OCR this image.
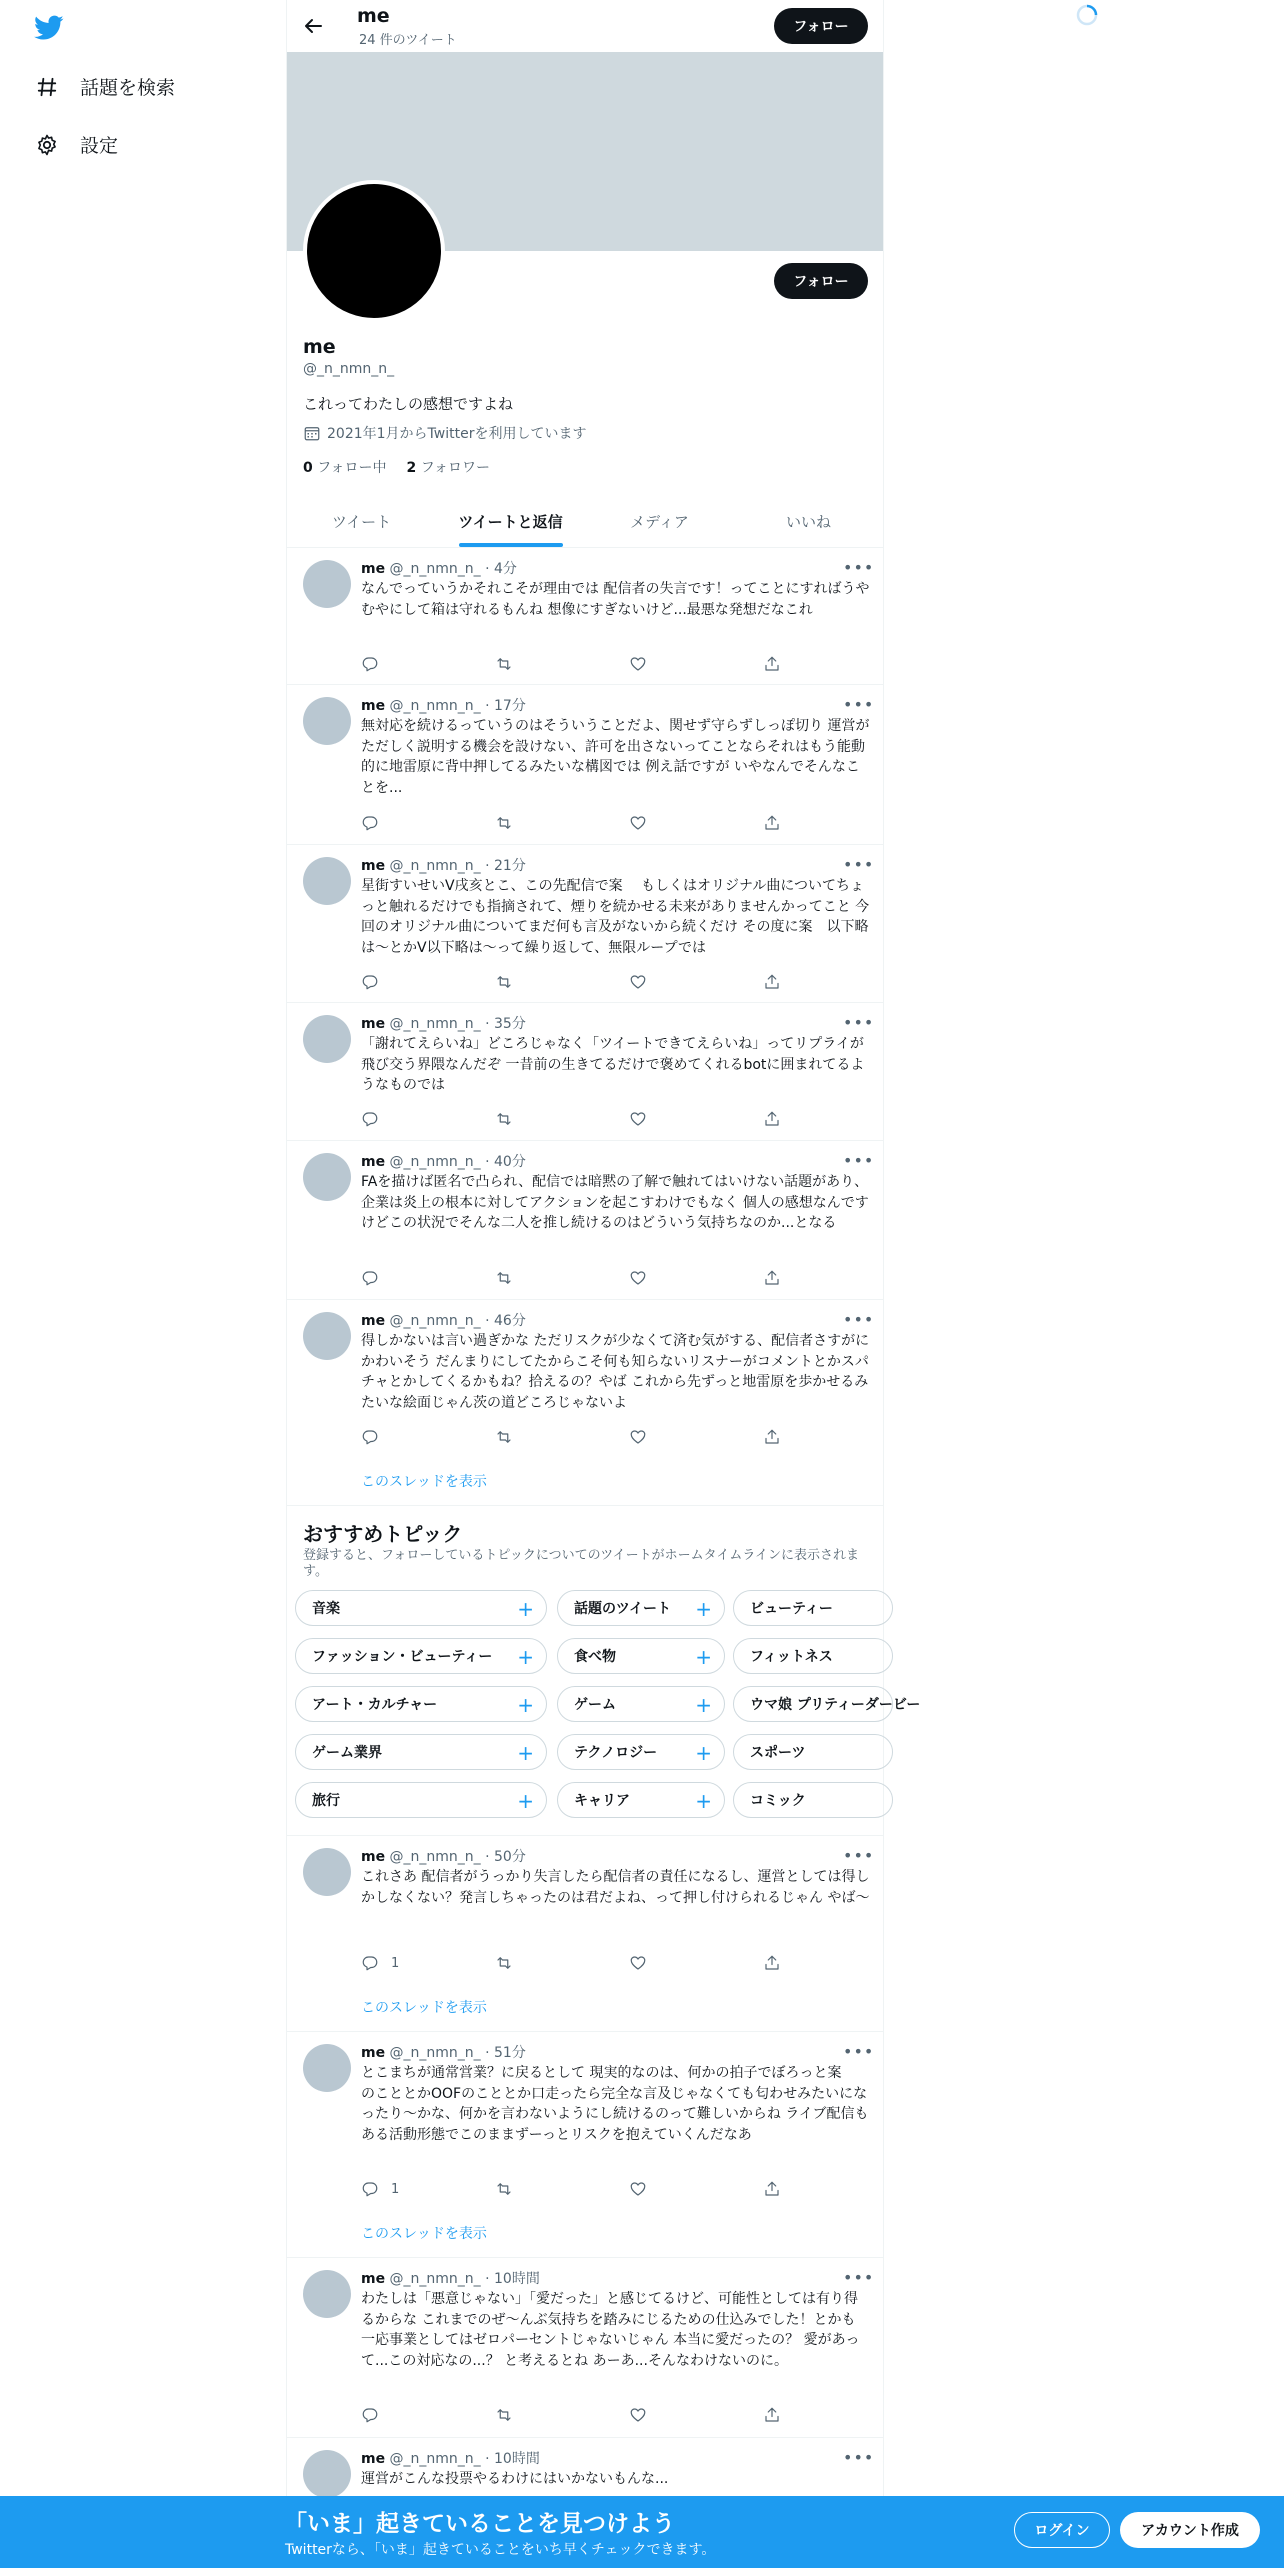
話題を検索
設定
me
24 件のツイート
フォロー
フォロー
me
@_n_nmn_n_
これってわたしの感想ですよね
2021年1月からTwitterを利用しています
0 フォロー中 2 フォロワー
ツイート	ツイートと返信	メディア	いいね
me @_n_nmn_n_ · 4分	•••
なんでっていうかそれこそが理由では 配信者の失言です！ってことにすればうやむやにして箱は守れるもんね 想像にすぎないけど...最悪な発想だなこれ
me @_n_nmn_n_ · 17分	•••
無対応を続けるっていうのはそういうことだよ、関せず守らずしっぽ切り 運営がただしく説明する機会を設けない、許可を出さないってことならそれはもう能動的に地雷原に背中押してるみたいな構図では 例え話ですが いやなんでそんなことを...
me @_n_nmn_n_ · 21分	•••
星街すいせいV戌亥とこ、この先配信で案　 もしくはオリジナル曲についてちょっと触れるだけでも指摘されて、煙りを続かせる未来がありませんかってこと 今回のオリジナル曲についてまだ何も言及がないから続くだけ その度に案　以下略は〜とかV以下略は〜って繰り返して、無限ループでは
me @_n_nmn_n_ · 35分	•••
「謝れてえらいね」どころじゃなく「ツイートできてえらいね」ってリプライが飛び交う界隈なんだぞ 一昔前の生きてるだけで褒めてくれるbotに囲まれてるようなものでは
me @_n_nmn_n_ · 40分	•••
FAを描けば匿名で凸られ、配信では暗黙の了解で触れてはいけない話題があり、企業は炎上の根本に対してアクションを起こすわけでもなく 個人の感想なんですけどこの状況でそんな二人を推し続けるのはどういう気持ちなのか...となる
me @_n_nmn_n_ · 46分	•••
得しかないは言い過ぎかな ただリスクが少なくて済む気がする、配信者さすがにかわいそう だんまりにしてたからこそ何も知らないリスナーがコメントとかスパチャとかしてくるかもね？拾えるの？やば これから先ずっと地雷原を歩かせるみたいな絵面じゃん茨の道どころじゃないよ
このスレッドを表示
me @_n_nmn_n_ · 50分	•••
これさあ 配信者がうっかり失言したら配信者の責任になるし、運営としては得しかしなくない？発言しちゃったのは君だよね、って押し付けられるじゃん やば〜
1
このスレッドを表示
me @_n_nmn_n_ · 51分	•••
とこまちが通常営業？に戻るとして 現実的なのは、何かの拍子でぼろっと案　 のこととかOOFのこととか口走ったら完全な言及じゃなくても匂わせみたいになったり〜かな、何かを言わないようにし続けるのって難しいからね ライブ配信もある活動形態でこのままずーっとリスクを抱えていくんだなあ
1
このスレッドを表示
me @_n_nmn_n_ · 10時間	•••
わたしは「悪意じゃない」「愛だった」と感じてるけど、可能性としては有り得るからな これまでのぜ〜んぶ気持ちを踏みにじるための仕込みでした！とかも 一応事業としてはゼロパーセントじゃないじゃん 本当に愛だったの？ 愛があって...この対応なの...？ と考えるとね あーあ...そんなわけないのに。
me @_n_nmn_n_ · 10時間	•••
運営がこんな投票やるわけにはいかないもんな...
おすすめトピック
登録すると、フォローしているトピックについてのツイートがホームタイムラインに表示されます。
音楽	+	話題のツイート +	ビューティー
ファッション・ビューティー +	食べ物	+	フィットネス
アート・カルチャー	+	ゲーム	+	ウマ娘 プリティーダービー
ゲーム業界	+	テクノロジー +	スポーツ
旅行	+	キャリア	+	コミック
「いま」起きていることを見つけよう
Twitterなら、「いま」起きていることをいち早くチェックできます。
ログイン	アカウント作成
